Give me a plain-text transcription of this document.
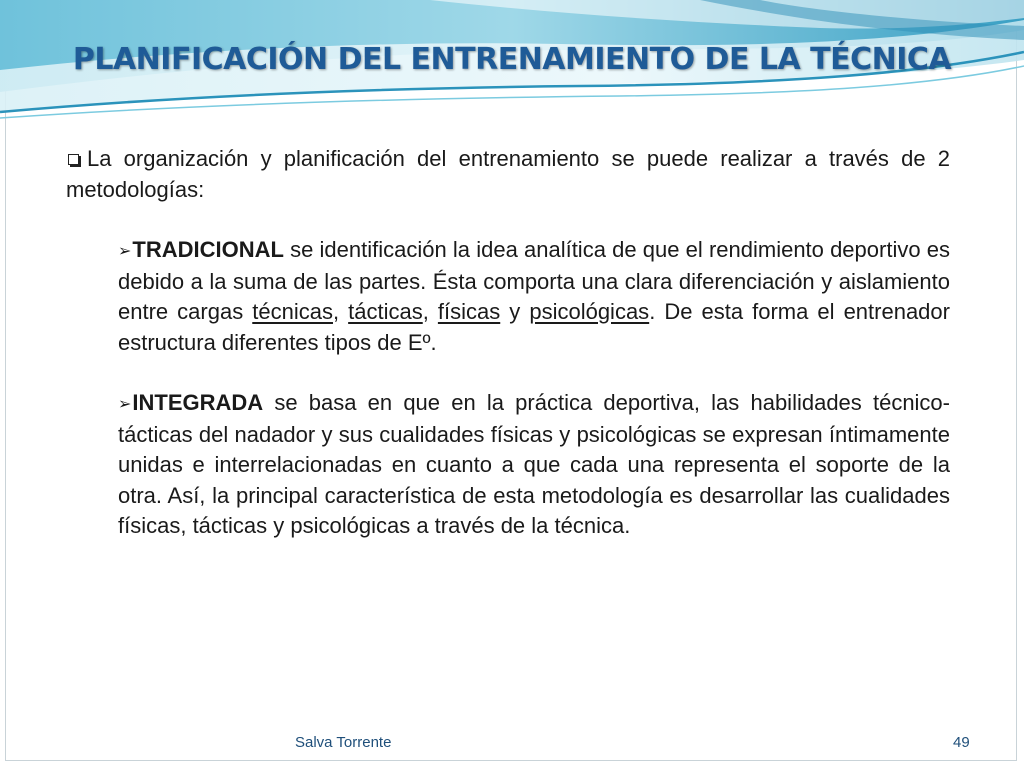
PLANIFICACIÓN DEL ENTRENAMIENTO DE LA TÉCNICA

La organización y planificación del entrenamiento se puede realizar a través de 2 metodologías:

➢TRADICIONAL se identificación la idea analítica de que el rendimiento deportivo es debido a la suma de las partes. Ésta comporta una clara diferenciación y aislamiento entre cargas técnicas, tácticas, físicas y psicológicas. De esta forma el entrenador estructura diferentes tipos de Eº.

➢INTEGRADA se basa en que en la práctica deportiva, las habilidades técnico-tácticas del nadador y sus cualidades físicas y psicológicas se expresan íntimamente unidas e interrelacionadas en cuanto a que cada una representa el soporte de la otra. Así, la principal característica de esta metodología es desarrollar las cualidades físicas, tácticas y psicológicas a través de la técnica.

Salva Torrente	49
